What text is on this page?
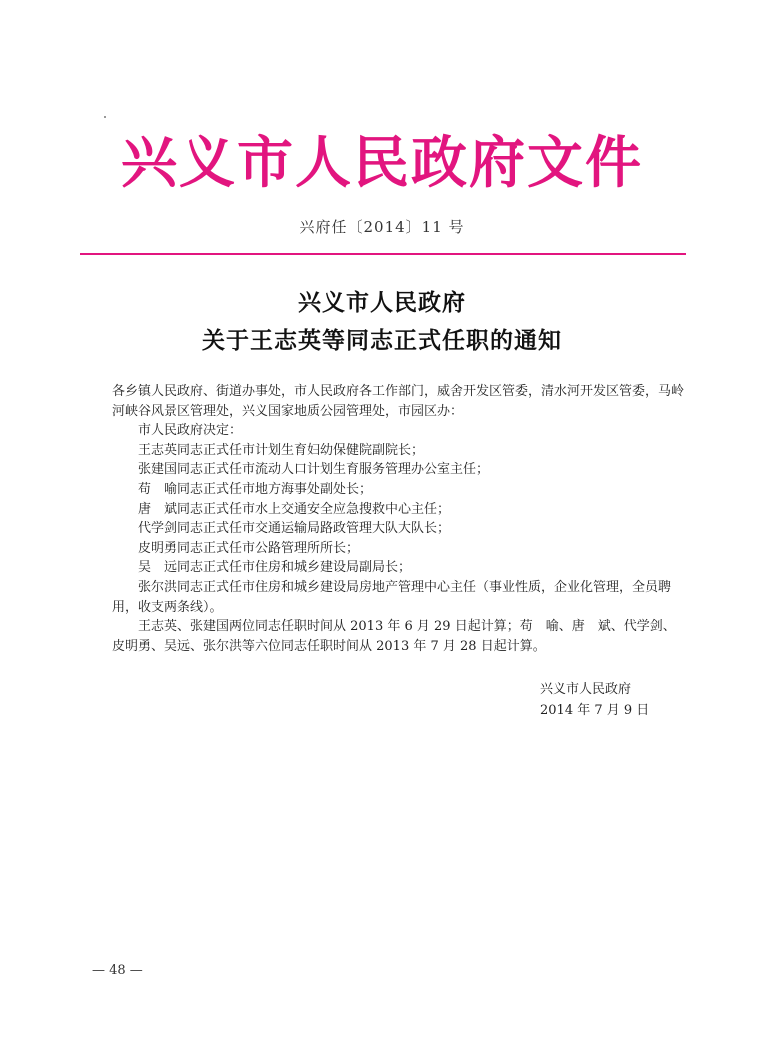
兴义市人民政府文件
兴府任〔2014〕11 号
兴义市人民政府
关于王志英等同志正式任职的通知

各乡镇人民政府、街道办事处，市人民政府各工作部门，威舍开发区管委，清水河开发区管委，马岭河峡谷风景区管理处，兴义国家地质公园管理处，市园区办：

市人民政府决定：

王志英同志正式任市计划生育妇幼保健院副院长；

张建国同志正式任市流动人口计划生育服务管理办公室主任；

苟　喻同志正式任市地方海事处副处长；

唐　斌同志正式任市水上交通安全应急搜救中心主任；

代学剑同志正式任市交通运输局路政管理大队大队长；

皮明勇同志正式任市公路管理所所长；

吴　远同志正式任市住房和城乡建设局副局长；

张尔洪同志正式任市住房和城乡建设局房地产管理中心主任（事业性质，企业化管理，全员聘用，收支两条线）。

王志英、张建国两位同志任职时间从 2013 年 6 月 29 日起计算；苟　喻、唐　斌、代学剑、皮明勇、吴远、张尔洪等六位同志任职时间从 2013 年 7 月 28 日起计算。

兴义市人民政府
2014 年 7 月 9 日
— 48 —
